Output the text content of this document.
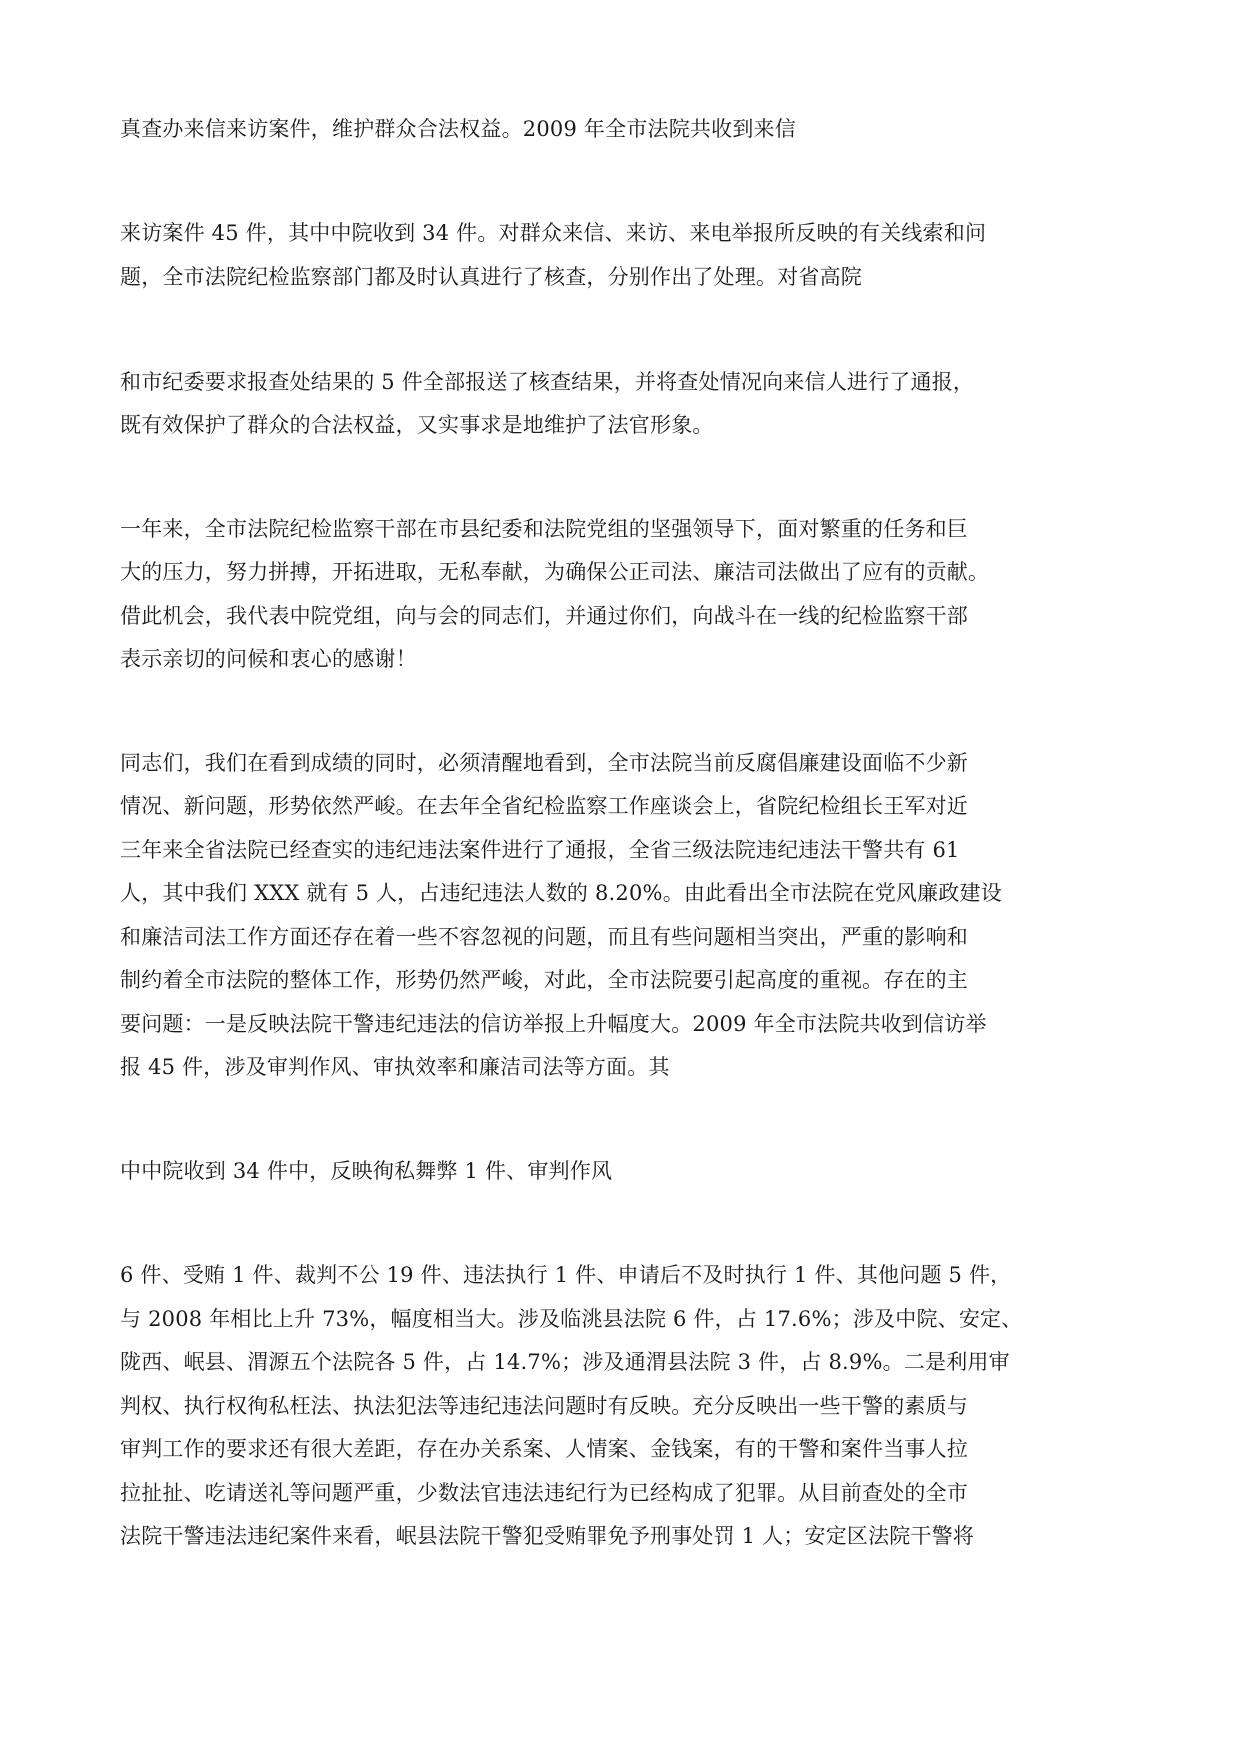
真查办来信来访案件，维护群众合法权益。2009 年全市法院共收到来信
来访案件 45 件，其中中院收到 34 件。对群众来信、来访、来电举报所反映的有关线索和问
题，全市法院纪检监察部门都及时认真进行了核查，分别作出了处理。对省高院
和市纪委要求报查处结果的 5 件全部报送了核查结果，并将查处情况向来信人进行了通报，
既有效保护了群众的合法权益，又实事求是地维护了法官形象。
一年来，全市法院纪检监察干部在市县纪委和法院党组的坚强领导下，面对繁重的任务和巨
大的压力，努力拼搏，开拓进取，无私奉献，为确保公正司法、廉洁司法做出了应有的贡献。
借此机会，我代表中院党组，向与会的同志们，并通过你们，向战斗在一线的纪检监察干部
表示亲切的问候和衷心的感谢！
同志们，我们在看到成绩的同时，必须清醒地看到，全市法院当前反腐倡廉建设面临不少新
情况、新问题，形势依然严峻。在去年全省纪检监察工作座谈会上，省院纪检组长王军对近
三年来全省法院已经查实的违纪违法案件进行了通报，全省三级法院违纪违法干警共有 61
人，其中我们 XXX 就有 5 人，占违纪违法人数的 8.20%。由此看出全市法院在党风廉政建设
和廉洁司法工作方面还存在着一些不容忽视的问题，而且有些问题相当突出，严重的影响和
制约着全市法院的整体工作，形势仍然严峻，对此，全市法院要引起高度的重视。存在的主
要问题：一是反映法院干警违纪违法的信访举报上升幅度大。2009 年全市法院共收到信访举
报 45 件，涉及审判作风、审执效率和廉洁司法等方面。其
中中院收到 34 件中，反映徇私舞弊 1 件、审判作风
6 件、受贿 1 件、裁判不公 19 件、违法执行 1 件、申请后不及时执行 1 件、其他问题 5 件，
与 2008 年相比上升 73%，幅度相当大。涉及临洮县法院 6 件，占 17.6%；涉及中院、安定、
陇西、岷县、渭源五个法院各 5 件，占 14.7%；涉及通渭县法院 3 件，占 8.9%。二是利用审
判权、执行权徇私枉法、执法犯法等违纪违法问题时有反映。充分反映出一些干警的素质与
审判工作的要求还有很大差距，存在办关系案、人情案、金钱案，有的干警和案件当事人拉
拉扯扯、吃请送礼等问题严重，少数法官违法违纪行为已经构成了犯罪。从目前查处的全市
法院干警违法违纪案件来看，岷县法院干警犯受贿罪免予刑事处罚 1 人；安定区法院干警将
